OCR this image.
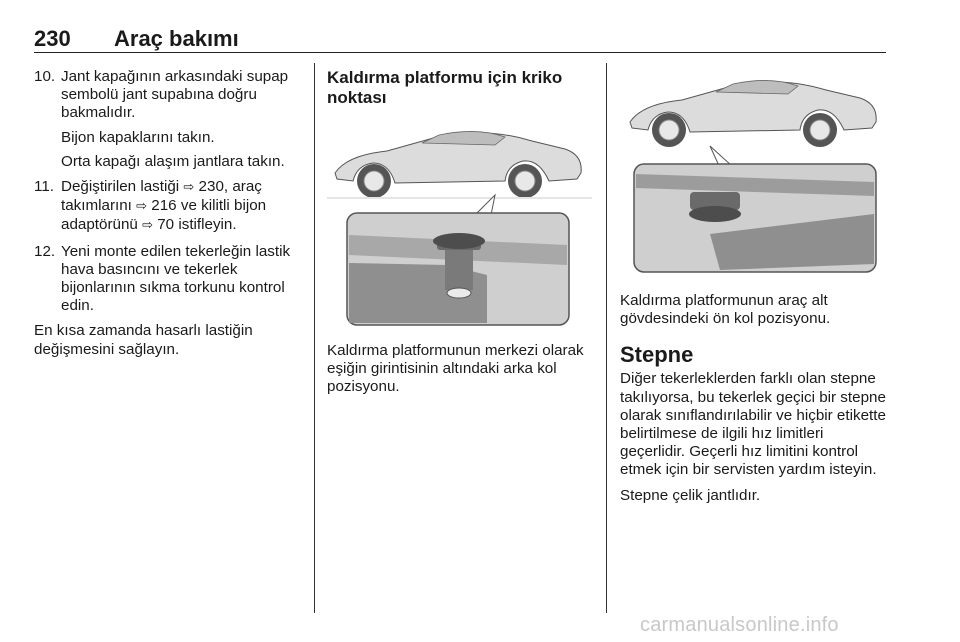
230 Araç bakımı
10. Jant kapağının arkasındaki supap sembolü jant supabına doğru bakmalıdır.
Bijon kapaklarını takın.
Orta kapağı alaşım jantlara takın.
11. Değiştirilen lastiği ⇨ 230, araç takımlarını ⇨ 216 ve kilitli bijon adaptörünü ⇨ 70 istifleyin.
12. Yeni monte edilen tekerleğin lastik hava basıncını ve tekerlek bijonlarının sıkma torkunu kontrol edin.

En kısa zamanda hasarlı lastiğin değişmesini sağlayın.

Kaldırma platformu için kriko noktası

Kaldırma platformunun merkezi olarak eşiğin girintisinin altındaki arka kol pozisyonu.

Kaldırma platformunun araç alt gövdesindeki ön kol pozisyonu.

Stepne

Diğer tekerleklerden farklı olan stepne takılıyorsa, bu tekerlek geçici bir stepne olarak sınıflandırılabilir ve hiçbir etikette belirtilmese de ilgili hız limitleri geçerlidir. Geçerli hız limitini kontrol etmek için bir servisten yardım isteyin.

Stepne çelik jantlıdır.

carmanualsonline.info
